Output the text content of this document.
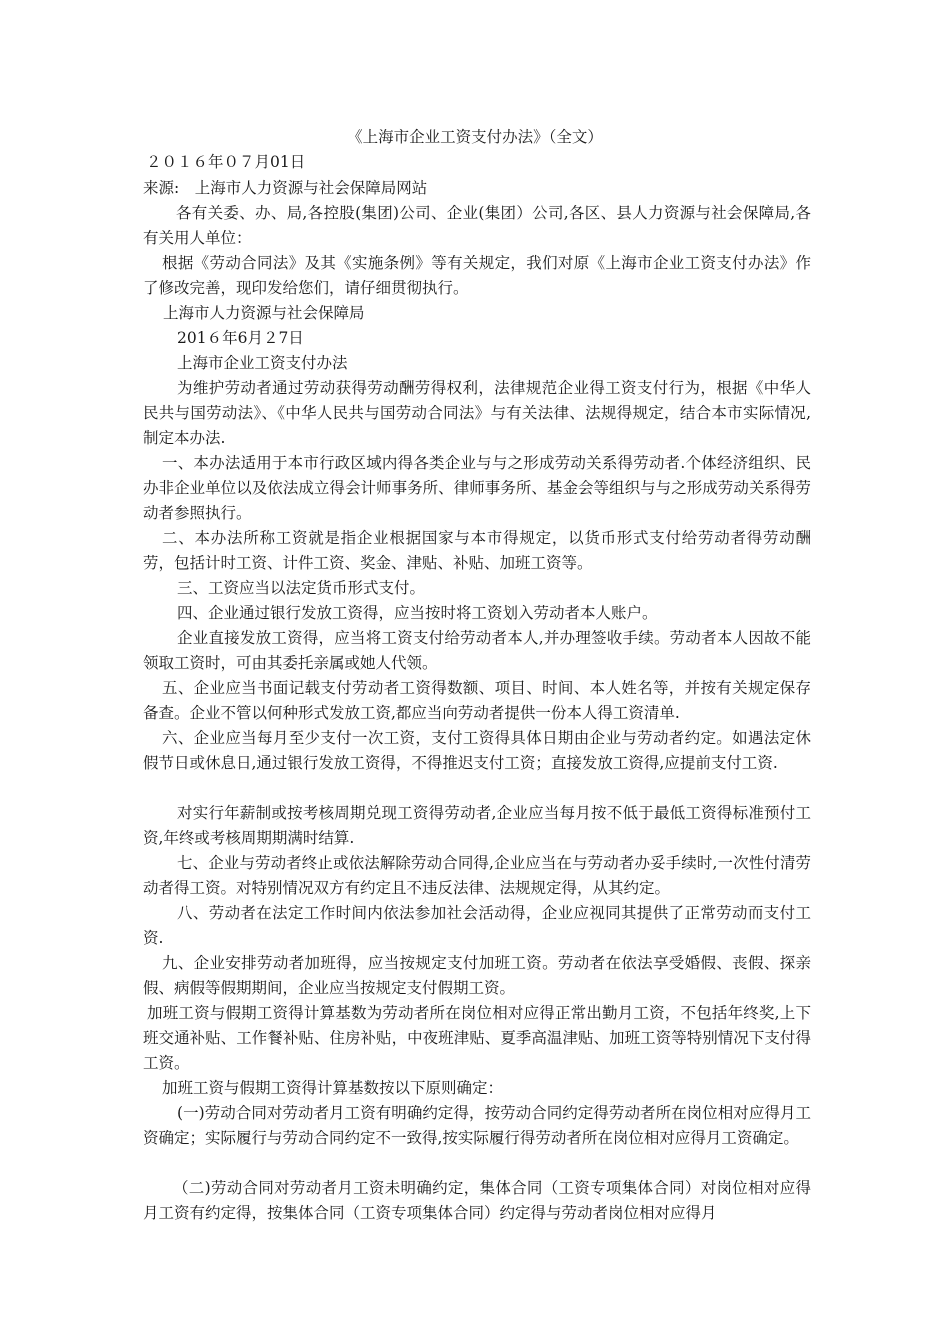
《上海市企业工资支付办法》（全文）
２０１６年０７月01日
来源:　上海市人力资源与社会保障局网站
各有关委、办、局,各控股(集团)公司、企业(集团）公司,各区、县人力资源与社会保障局,各有关用人单位：
根据《劳动合同法》及其《实施条例》等有关规定，我们对原《上海市企业工资支付办法》作了修改完善，现印发给您们，请仔细贯彻执行。
上海市人力资源与社会保障局
201６年6月２7日
上海市企业工资支付办法
为维护劳动者通过劳动获得劳动酬劳得权利，法律规范企业得工资支付行为，根据《中华人民共与国劳动法》、《中华人民共与国劳动合同法》与有关法律、法规得规定，结合本市实际情况,制定本办法.
一、本办法适用于本市行政区域内得各类企业与与之形成劳动关系得劳动者.个体经济组织、民办非企业单位以及依法成立得会计师事务所、律师事务所、基金会等组织与与之形成劳动关系得劳动者参照执行。
二、本办法所称工资就是指企业根据国家与本市得规定，以货币形式支付给劳动者得劳动酬劳，包括计时工资、计件工资、奖金、津贴、补贴、加班工资等。
三、工资应当以法定货币形式支付。
四、企业通过银行发放工资得，应当按时将工资划入劳动者本人账户。
企业直接发放工资得，应当将工资支付给劳动者本人,并办理签收手续。劳动者本人因故不能领取工资时，可由其委托亲属或她人代领。
五、企业应当书面记载支付劳动者工资得数额、项目、时间、本人姓名等，并按有关规定保存备查。企业不管以何种形式发放工资,都应当向劳动者提供一份本人得工资清单.
六、企业应当每月至少支付一次工资，支付工资得具体日期由企业与劳动者约定。如遇法定休假节日或休息日,通过银行发放工资得，不得推迟支付工资；直接发放工资得,应提前支付工资.
对实行年薪制或按考核周期兑现工资得劳动者,企业应当每月按不低于最低工资得标准预付工资,年终或考核周期期满时结算.
七、企业与劳动者终止或依法解除劳动合同得,企业应当在与劳动者办妥手续时,一次性付清劳动者得工资。对特别情况双方有约定且不违反法律、法规规定得，从其约定。
八、劳动者在法定工作时间内依法参加社会活动得，企业应视同其提供了正常劳动而支付工资.
九、企业安排劳动者加班得，应当按规定支付加班工资。劳动者在依法享受婚假、丧假、探亲假、病假等假期期间，企业应当按规定支付假期工资。
加班工资与假期工资得计算基数为劳动者所在岗位相对应得正常出勤月工资，不包括年终奖,上下班交通补贴、工作餐补贴、住房补贴，中夜班津贴、夏季高温津贴、加班工资等特别情况下支付得工资。
加班工资与假期工资得计算基数按以下原则确定：
(一)劳动合同对劳动者月工资有明确约定得，按劳动合同约定得劳动者所在岗位相对应得月工资确定；实际履行与劳动合同约定不一致得,按实际履行得劳动者所在岗位相对应得月工资确定。
（二)劳动合同对劳动者月工资未明确约定，集体合同（工资专项集体合同）对岗位相对应得月工资有约定得，按集体合同（工资专项集体合同）约定得与劳动者岗位相对应得月
